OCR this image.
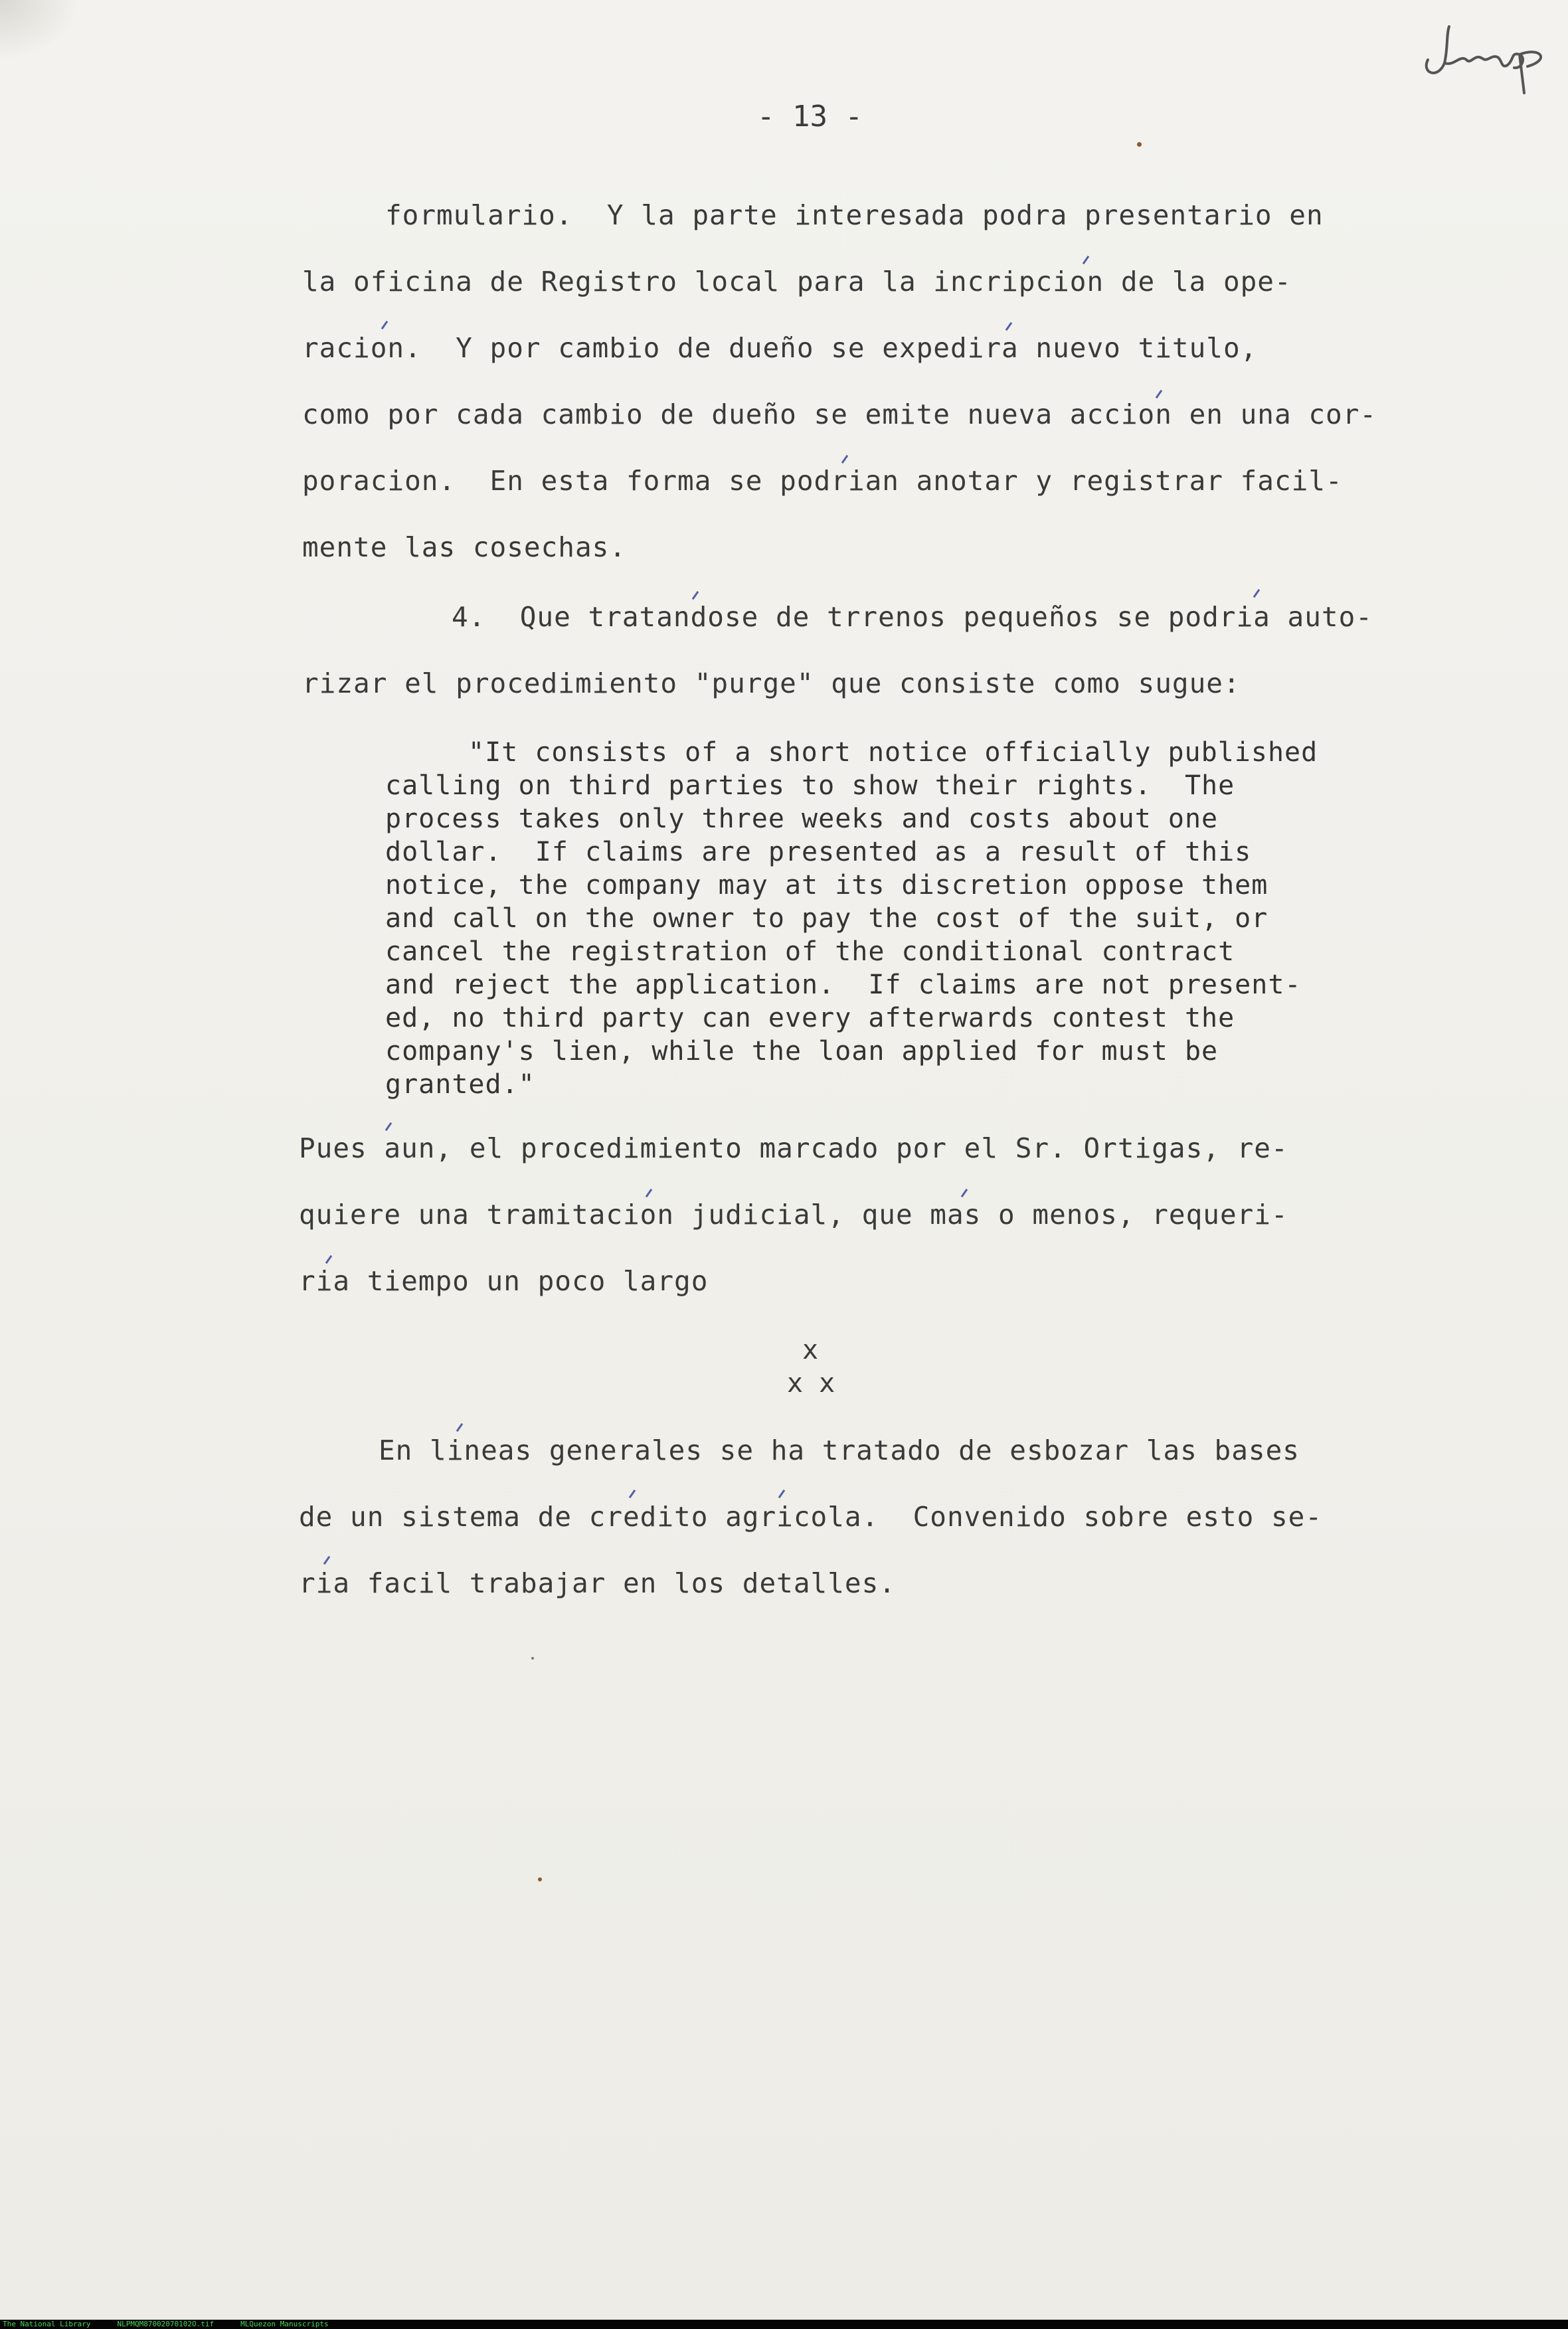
- 13 -
formulario.  Y la parte interesada podra presentario en
la oficina de Registro local para la incripcion de la ope-
racion.  Y por cambio de dueño se expedira nuevo titulo,
como por cada cambio de dueño se emite nueva accion en una cor-
poracion.  En esta forma se podrian anotar y registrar facil-
mente las cosechas.
4.  Que tratandose de trrenos pequeños se podria auto-
rizar el procedimiento "purge" que consiste como sugue:
"It consists of a short notice officially published
calling on third parties to show their rights.  The
process takes only three weeks and costs about one
dollar.  If claims are presented as a result of this
notice, the company may at its discretion oppose them
and call on the owner to pay the cost of the suit, or
cancel the registration of the conditional contract
and reject the application.  If claims are not present-
ed, no third party can every afterwards contest the
company's lien, while the loan applied for must be
granted."
Pues aun, el procedimiento marcado por el Sr. Ortigas, re-
quiere una tramitacion judicial, que mas o menos, requeri-
ria tiempo un poco largo
x
x x
En lineas generales se ha tratado de esbozar las bases
de un sistema de credito agricola.  Convenido sobre esto se-
ria facil trabajar en los detalles.
The National Library	NLPMQM87002070102O.tif	MLQuezon Manuscripts
